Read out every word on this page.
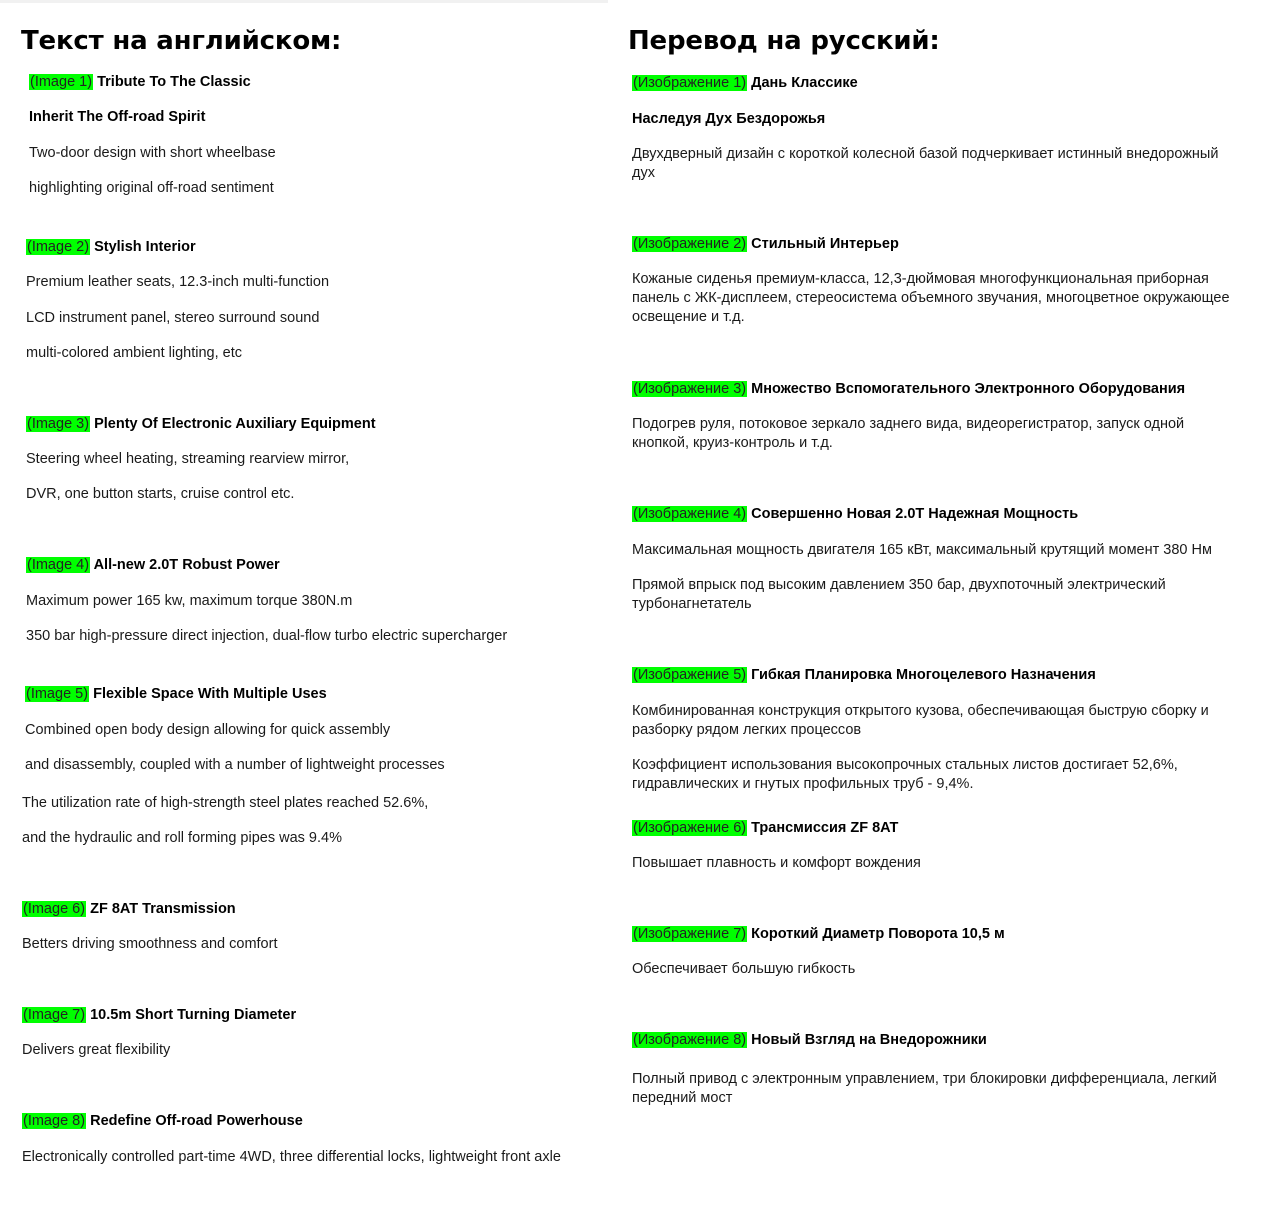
Текст на английском:
(Image 1) Tribute To The Classic
Inherit The Off-road Spirit
Two-door design with short wheelbase
highlighting original off-road sentiment
(Image 2) Stylish Interior
Premium leather seats, 12.3-inch multi-function
LCD instrument panel, stereo surround sound
multi-colored ambient lighting, etc
(Image 3) Plenty Of Electronic Auxiliary Equipment
Steering wheel heating, streaming rearview mirror,
DVR, one button starts, cruise control etc.
(Image 4) All-new 2.0T Robust Power
Maximum power 165 kw, maximum torque 380N.m
350 bar high-pressure direct injection, dual-flow turbo electric supercharger
(Image 5) Flexible Space With Multiple Uses
Combined open body design allowing for quick assembly
and disassembly, coupled with a number of lightweight processes
The utilization rate of high-strength steel plates reached 52.6%,
and the hydraulic and roll forming pipes was 9.4%
(Image 6) ZF 8AT Transmission
Betters driving smoothness and comfort
(Image 7) 10.5m Short Turning Diameter
Delivers great flexibility
(Image 8) Redefine Off-road Powerhouse
Electronically controlled part-time 4WD, three differential locks, lightweight front axle
Перевод на русский:
(Изображение 1) Дань Классике
Наследуя Дух Бездорожья
Двухдверный дизайн с короткой колесной базой подчеркивает истинный внедорожный дух
(Изображение 2) Стильный Интерьер
Кожаные сиденья премиум-класса, 12,3-дюймовая многофункциональная приборная панель с ЖК-дисплеем, стереосистема объемного звучания, многоцветное окружающее освещение и т.д.
(Изображение 3) Множество Вспомогательного Электронного Оборудования
Подогрев руля, потоковое зеркало заднего вида, видеорегистратор, запуск одной кнопкой, круиз-контроль и т.д.
(Изображение 4) Совершенно Новая 2.0T Надежная Мощность
Максимальная мощность двигателя 165 кВт, максимальный крутящий момент 380 Нм
Прямой впрыск под высоким давлением 350 бар, двухпоточный электрический турбонагнетатель
(Изображение 5) Гибкая Планировка Многоцелевого Назначения
Комбинированная конструкция открытого кузова, обеспечивающая быструю сборку и разборку рядом легких процессов
Коэффициент использования высокопрочных стальных листов достигает 52,6%, гидравлических и гнутых профильных труб - 9,4%.
(Изображение 6) Трансмиссия ZF 8AT
Повышает плавность и комфорт вождения
(Изображение 7) Короткий Диаметр Поворота 10,5 м
Обеспечивает большую гибкость
(Изображение 8) Новый Взгляд на Внедорожники
Полный привод с электронным управлением, три блокировки дифференциала, легкий передний мост
